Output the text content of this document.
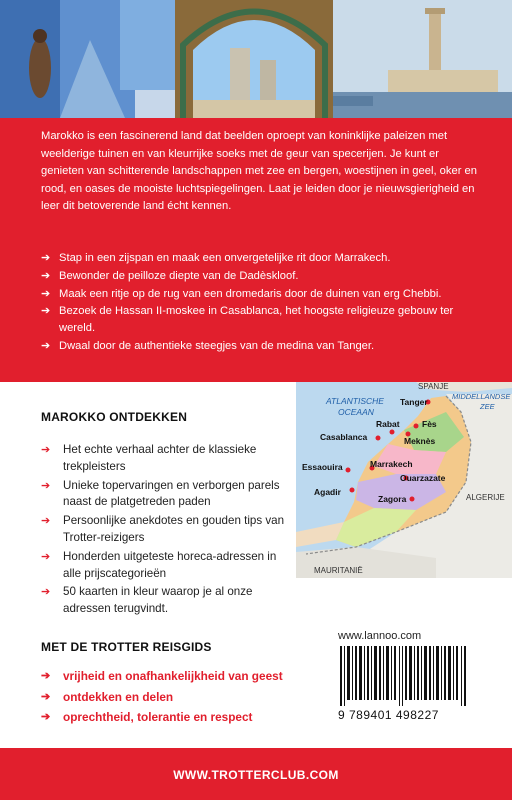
Marokko is een fascinerend land dat beelden oproept van koninklijke paleizen met weelderige tuinen en van kleurrijke soeks met de geur van specerijen. Je kunt er genieten van schitterende landschappen met zee en bergen, woestijnen in geel, oker en rood, en oases de mooiste luchtspiegelingen. Laat je leiden door je nieuwsgierigheid en leer dit betoverende land écht kennen.

➔ Stap in een zijspan en maak een onvergetelijke rit door Marrakech.
➔ Bewonder de peilloze diepte van de Dadèskloof.
➔ Maak een ritje op de rug van een dromedaris door de duinen van erg Chebbi.
➔ Bezoek de Hassan II-moskee in Casablanca, het hoogste religieuze gebouw ter wereld.
➔ Dwaal door de authentieke steegjes van de medina van Tanger.
MAROKKO ONTDEKKEN
➔ Het echte verhaal achter de klassieke trekpleisters
➔ Unieke topervaringen en verborgen parels naast de platgetreden paden
➔ Persoonlijke anekdotes en gouden tips van Trotter-reizigers
➔ Honderden uitgeteste horeca-adressen in alle prijscategorieën
➔ 50 kaarten in kleur waarop je al onze adressen terugvindt.
ATLANTISCHE
OCEAAN
SPANJE
MIDDELLANDSE
ZEE
ALGERIJE
MAURITANIË
Tanger
Rabat	Fès
Casablanca	Meknès
Essaouira	Marrakech
Ouarzazate
Agadir
Zagora
MET DE TROTTER REISGIDS
➔ vrijheid en onafhankelijkheid van geest
➔ ontdekken en delen
➔ oprechtheid, tolerantie en respect
www.lannoo.com
9 789401 498227
WWW.TROTTERCLUB.COM
